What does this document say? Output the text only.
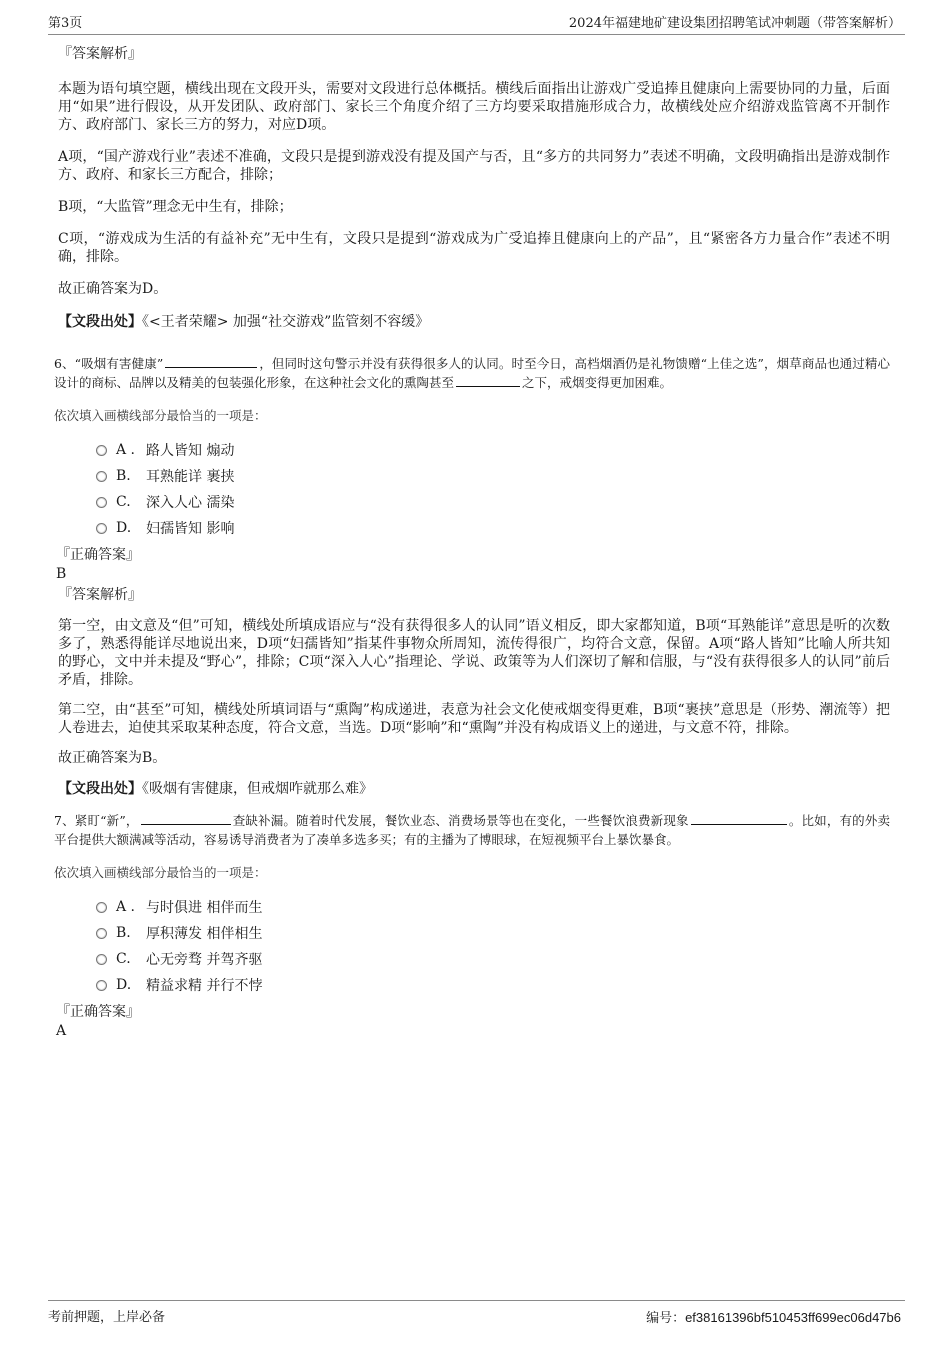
第3页	2024年福建地矿建设集团招聘笔试冲刺题（带答案解析）
『答案解析』

本题为语句填空题，横线出现在文段开头，需要对文段进行总体概括。横线后面指出让游戏广受追捧且健康向上需要协同的力量，后面用“如果”进行假设，从开发团队、政府部门、家长三个角度介绍了三方均要采取措施形成合力，故横线处应介绍游戏监管离不开制作方、政府部门、家长三方的努力，对应D项。

A项，“国产游戏行业”表述不准确，文段只是提到游戏没有提及国产与否，且“多方的共同努力”表述不明确，文段明确指出是游戏制作方、政府、和家长三方配合，排除；

B项，“大监管”理念无中生有，排除；

C项，“游戏成为生活的有益补充”无中生有，文段只是提到“游戏成为广受追捧且健康向上的产品”，且“紧密各方力量合作”表述不明确，排除。

故正确答案为D。

【文段出处】《<王者荣耀> 加强“社交游戏”监管刻不容缓》
6、“吸烟有害健康”	，但同时这句警示并没有获得很多人的认同。时至今日，高档烟酒仍是礼物馈赠“上佳之选”，烟草商品也通过精心设计的商标、品牌以及精美的包装强化形象，在这种社会文化的熏陶甚至	之下，戒烟变得更加困难。
依次填入画横线部分最恰当的一项是：
A . 路人皆知 煽动
B.	耳熟能详 裹挟
C.	深入人心 濡染
D.	妇孺皆知 影响
『正确答案』
B
『答案解析』

第一空，由文意及“但”可知，横线处所填成语应与“没有获得很多人的认同”语义相反，即大家都知道，B项“耳熟能详”意思是听的次数多了，熟悉得能详尽地说出来，D项“妇孺皆知”指某件事物众所周知，流传得很广，均符合文意，保留。A项“路人皆知”比喻人所共知的野心，文中并未提及“野心”，排除；C项“深入人心”指理论、学说、政策等为人们深切了解和信服，与“没有获得很多人的认同”前后矛盾，排除。

第二空，由“甚至”可知，横线处所填词语与“熏陶”构成递进，表意为社会文化使戒烟变得更难，B项“裹挟”意思是（形势、潮流等）把人卷进去，迫使其采取某种态度，符合文意，当选。D项“影响”和“熏陶”并没有构成语义上的递进，与文意不符，排除。

故正确答案为B。

【文段出处】《吸烟有害健康，但戒烟咋就那么难》
7、紧盯“新”，	查缺补漏。随着时代发展，餐饮业态、消费场景等也在变化，一些餐饮浪费新现象	。比如，有的外卖平台提供大额满减等活动，容易诱导消费者为了凑单多选多买；有的主播为了博眼球，在短视频平台上暴饮暴食。
依次填入画横线部分最恰当的一项是：
A . 与时俱进 相伴而生
B.	厚积薄发 相伴相生
C.	心无旁骛 并驾齐驱
D.	精益求精 并行不悖
『正确答案』
A
考前押题，上岸必备	编号：ef38161396bf510453ff699ec06d47b6
